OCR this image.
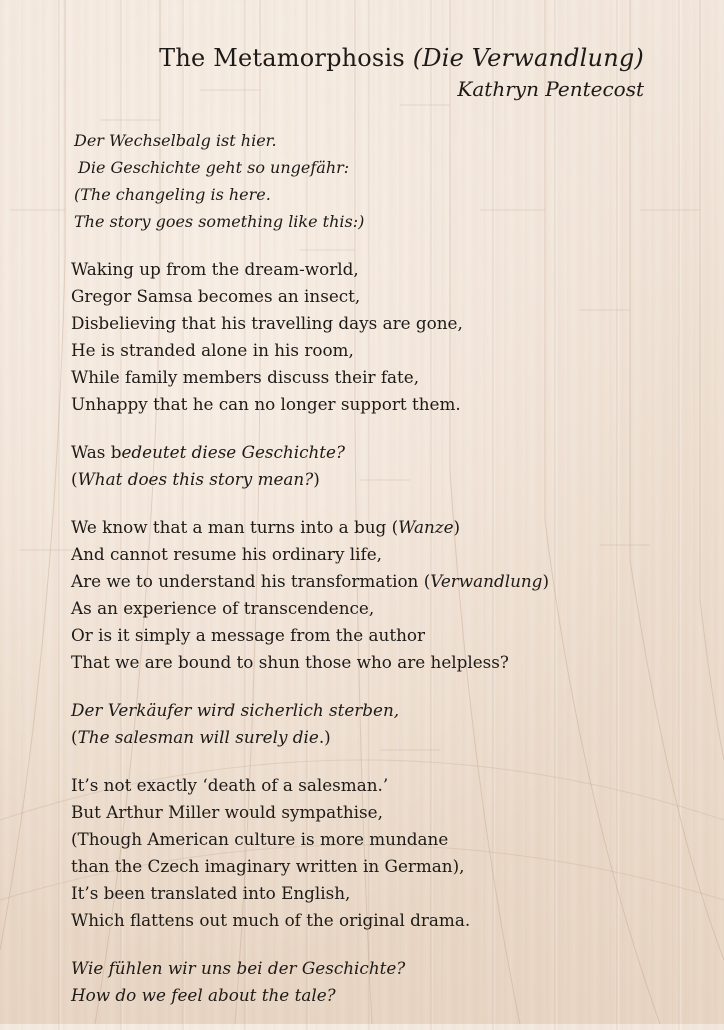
The Metamorphosis (Die Verwandlung)
Kathryn Pentecost
Der Wechselbalg ist hier.
Die Geschichte geht so ungefähr:
(The changeling is here.
The story goes something like this:)
Waking up from the dream-world,
Gregor Samsa becomes an insect,
Disbelieving that his travelling days are gone,
He is stranded alone in his room,
While family members discuss their fate,
Unhappy that he can no longer support them.
Was bedeutet diese Geschichte?
(What does this story mean?)
We know that a man turns into a bug (Wanze)
And cannot resume his ordinary life,
Are we to understand his transformation (Verwandlung)
As an experience of transcendence,
Or is it simply a message from the author
That we are bound to shun those who are helpless?
Der Verkäufer wird sicherlich sterben,
(The salesman will surely die.)
It’s not exactly ‘death of a salesman.’
But Arthur Miller would sympathise,
(Though American culture is more mundane
than the Czech imaginary written in German),
It’s been translated into English,
Which flattens out much of the original drama.
Wie fühlen wir uns bei der Geschichte?
How do we feel about the tale?
